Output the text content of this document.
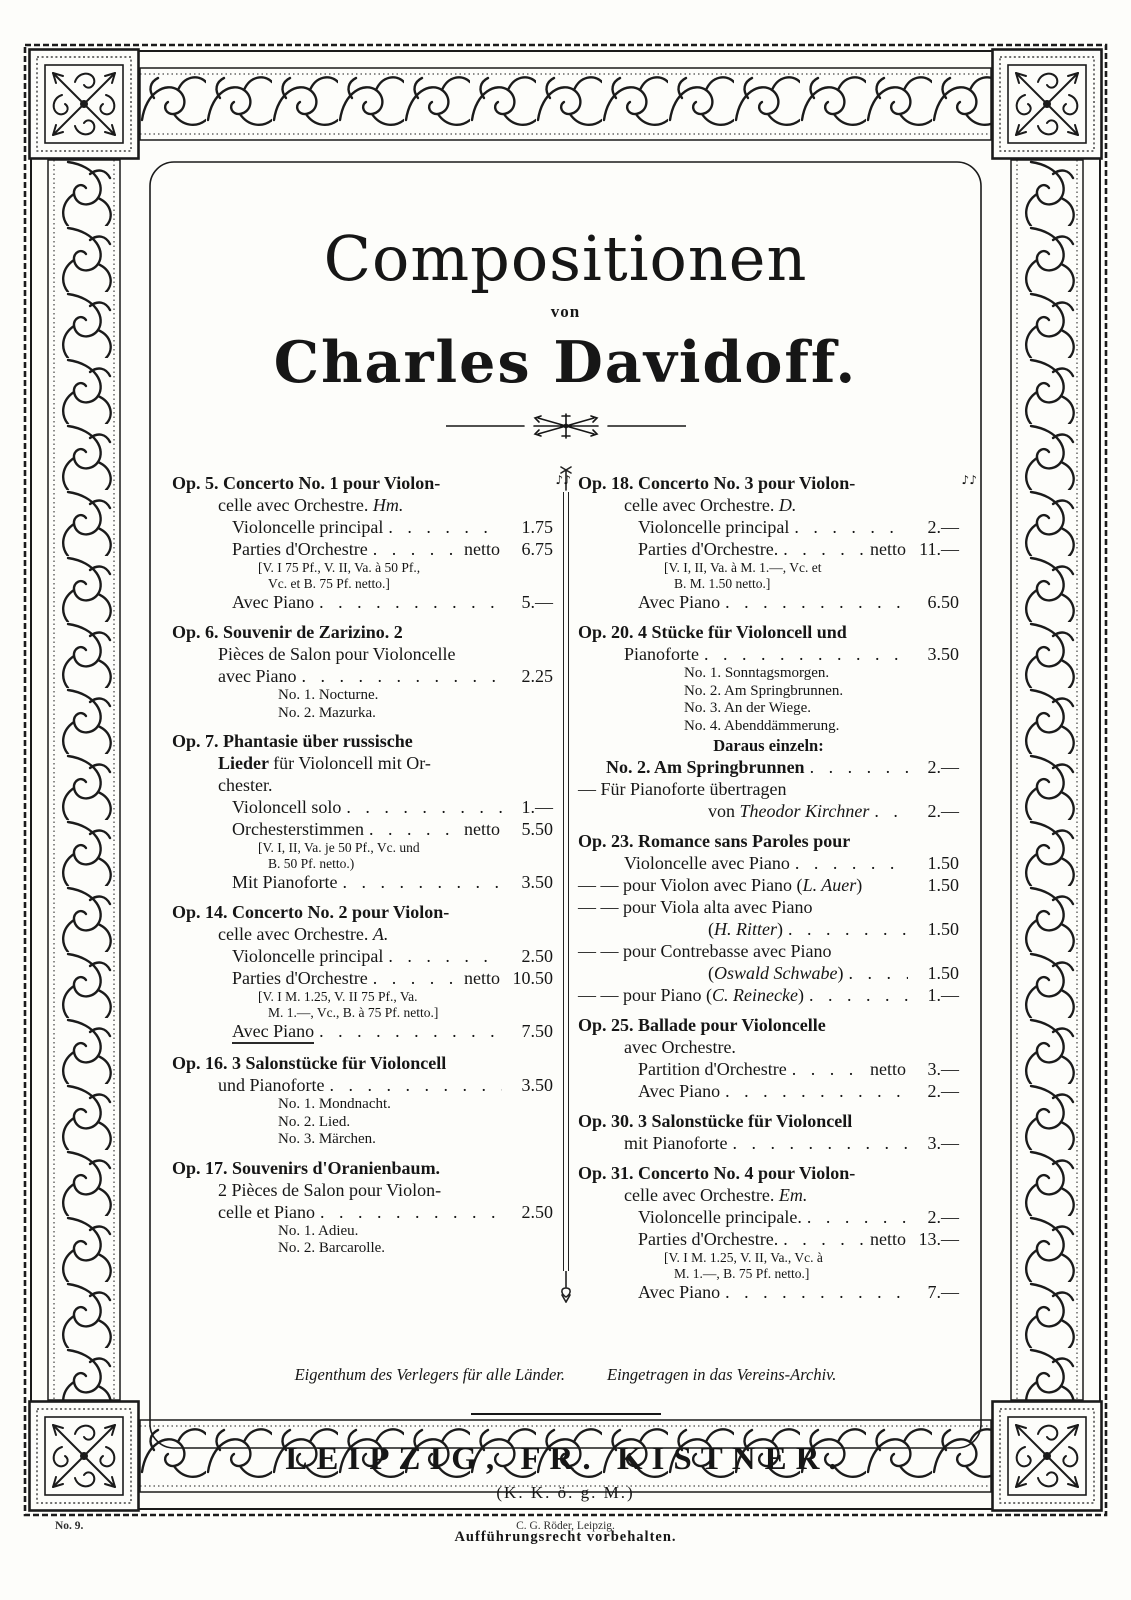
Compositionen
von
Charles Davidoff.
Op. 5. Concerto No. 1 pour Violon-	♪ ♪
celle avec Orchestre. Hm.
Violoncelle principal . . .	1.75
Parties d'Orchestre . . .	netto	6.75
[V. I 75 Pf., V. II, Va. à 50 Pf.,
Vc. et B. 75 Pf. netto.]
Avec Piano . . .	5.—
Op. 6. Souvenir de Zarizino. 2
Pièces de Salon pour Violoncelle
avec Piano . . .	2.25
No. 1. Nocturne.
No. 2. Mazurka.
Op. 7. Phantasie über russische
Lieder für Violoncell mit Or-
chester.
Violoncell solo . . .	1.—
Orchesterstimmen . . .	netto	5.50
[V. I, II, Va. je 50 Pf., Vc. und
B. 50 Pf. netto.)
Mit Pianoforte . . .	3.50
Op. 14. Concerto No. 2 pour Violon-
celle avec Orchestre. A.
Violoncelle principal . . .	2.50
Parties d'Orchestre . . .	netto 10.50
[V. I M. 1.25, V. II 75 Pf., Va.
M. 1.—, Vc., B. à 75 Pf. netto.]
Avec Piano . . .	7.50
Op. 16. 3 Salonstücke für Violoncell
und Pianoforte . . .	3.50
No. 1. Mondnacht.
No. 2. Lied.
No. 3. Märchen.
Op. 17. Souvenirs d'Oranienbaum.
2 Pièces de Salon pour Violon-
celle et Piano . . .	2.50
No. 1. Adieu.
No. 2. Barcarolle.
Op. 18. Concerto No. 3 pour Violon-	♪ ♪
celle avec Orchestre. D.
Violoncelle principal . . .	2.—
Parties d'Orchestre. . . .	netto 11.—
[V. I, II, Va. à M. 1.—, Vc. et
B. M. 1.50 netto.]
Avec Piano . . .	6.50
Op. 20. 4 Stücke für Violoncell und
Pianoforte . . .	3.50
No. 1. Sonntagsmorgen.
No. 2. Am Springbrunnen.
No. 3. An der Wiege.
No. 4. Abenddämmerung.
Daraus einzeln:
No. 2. Am Springbrunnen . . .	2.—
— Für Pianoforte übertragen
von Theodor Kirchner . . .	2.—
Op. 23. Romance sans Paroles pour
Violoncelle avec Piano . . .	1.50
— — pour Violon avec Piano (L. Auer)	1.50
— — pour Viola alta avec Piano
(H. Ritter) . . .	1.50
— — pour Contrebasse avec Piano
(Oswald Schwabe) . . .	1.50
— — pour Piano (C. Reinecke) . . .	1.—
Op. 25. Ballade pour Violoncelle
avec Orchestre.
Partition d'Orchestre . . .	netto	3.—
Avec Piano . . .	2.—
Op. 30. 3 Salonstücke für Violoncell
mit Pianoforte . . .	3.—
Op. 31. Concerto No. 4 pour Violon-
celle avec Orchestre. Em.
Violoncelle principale. . . .	2.—
Parties d'Orchestre. . . .	netto 13.—
[V. I M. 1.25, V. II, Va., Vc. à
M. 1.—, B. 75 Pf. netto.]
Avec Piano . . .	7.—
Eigenthum des Verlegers für alle Länder.	Eingetragen in das Vereins-Archiv.
LEIPZIG, FR. KISTNER.
(K. K. ö. g. M.)
Aufführungsrecht vorbehalten.
No. 9.	C. G. Röder, Leipzig.
